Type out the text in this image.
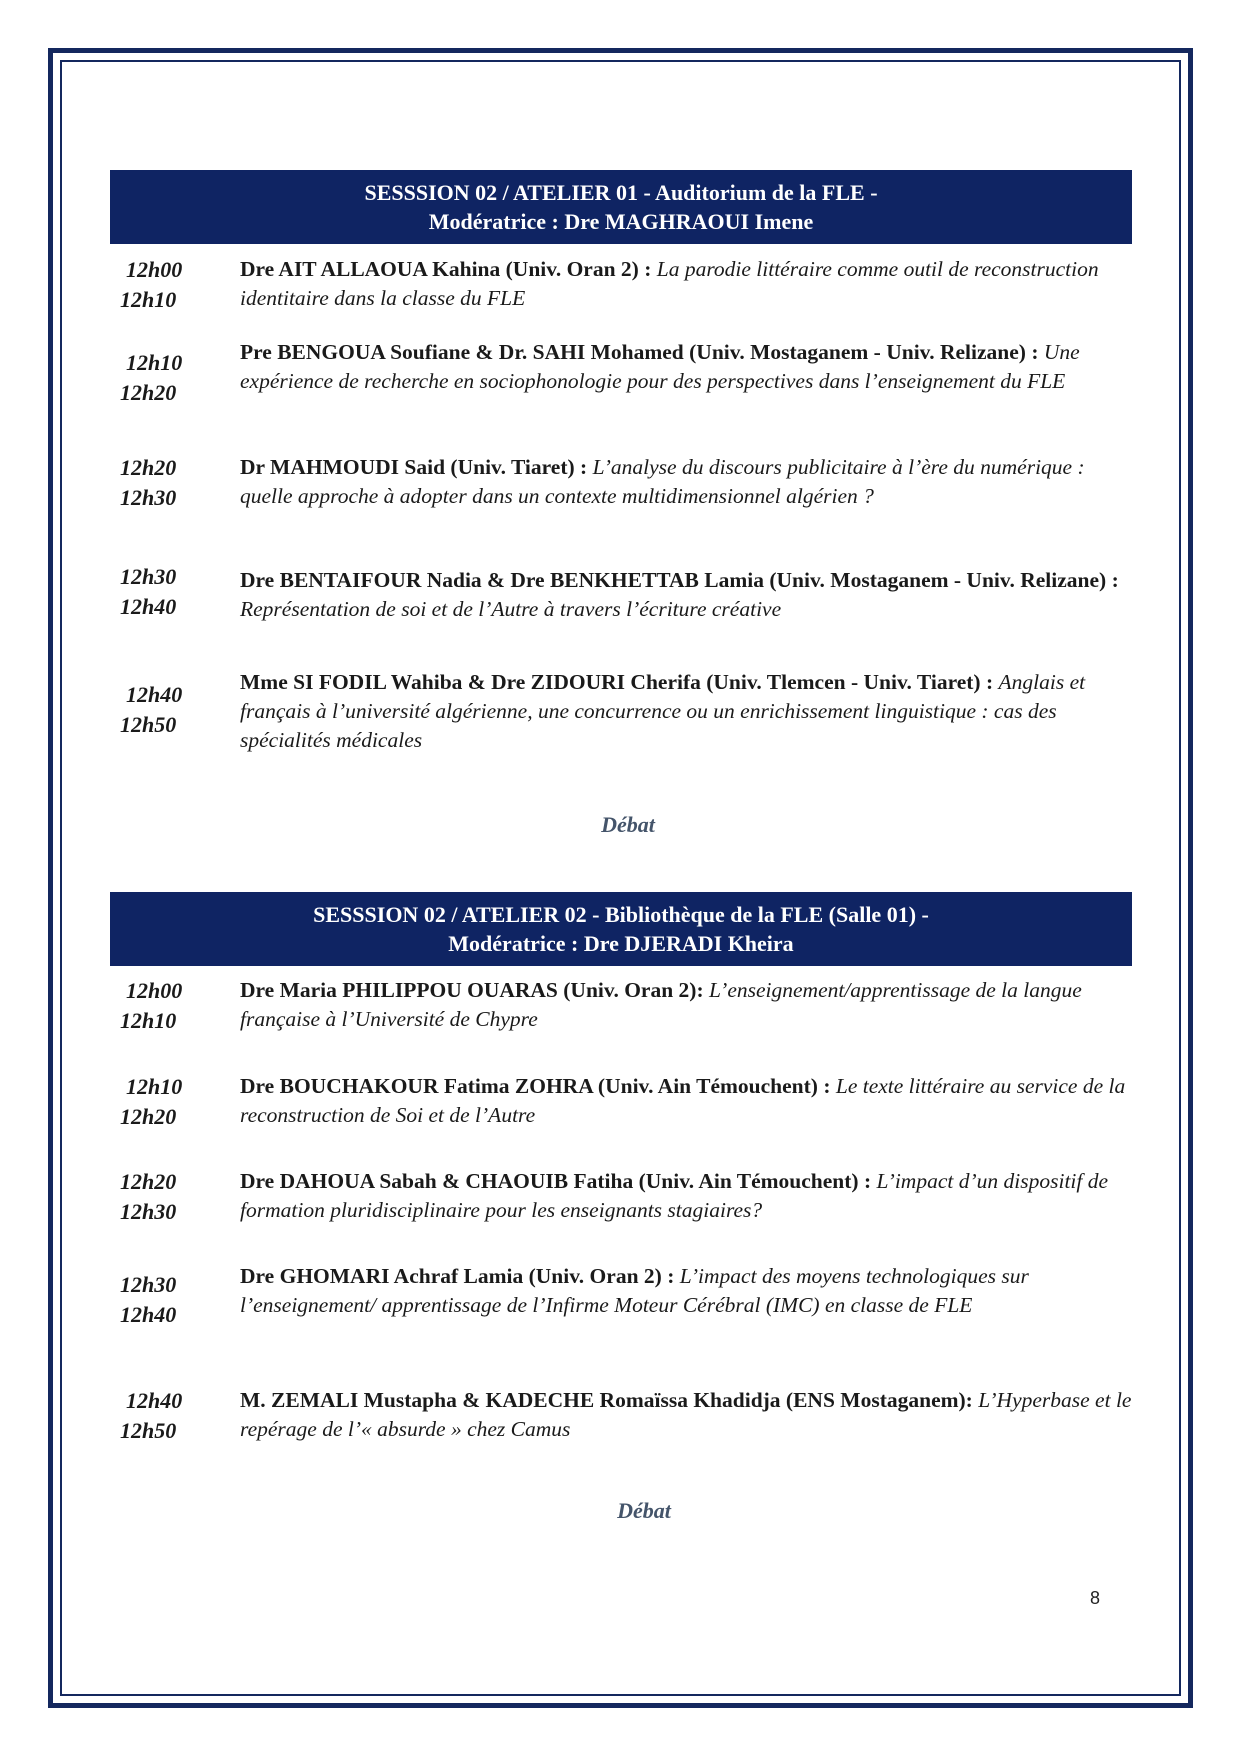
SESSSION 02 / ATELIER 01 - Auditorium de la FLE -
Modératrice : Dre MAGHRAOUI Imene
12h00
12h10
Dre AIT ALLAOUA Kahina (Univ. Oran 2) : La parodie littéraire comme outil de reconstruction identitaire dans la classe du FLE
12h10
12h20
Pre BENGOUA Soufiane & Dr. SAHI Mohamed (Univ. Mostaganem - Univ. Relizane) : Une expérience de recherche en sociophonologie pour des perspectives dans l’enseignement du FLE
12h20
12h30
Dr MAHMOUDI Said (Univ. Tiaret) : L’analyse du discours publicitaire à l’ère du numérique : quelle approche à adopter dans un contexte multidimensionnel algérien ?
12h30
12h40
Dre BENTAIFOUR Nadia & Dre BENKHETTAB Lamia (Univ. Mostaganem - Univ. Relizane) : Représentation de soi et de l’Autre à travers l’écriture créative
12h40
12h50
Mme SI FODIL Wahiba & Dre ZIDOURI Cherifa (Univ. Tlemcen - Univ. Tiaret) : Anglais et français à l’université algérienne, une concurrence ou un enrichissement linguistique : cas des spécialités médicales
Débat
SESSSION 02 / ATELIER 02 - Bibliothèque de la FLE (Salle 01) -
Modératrice : Dre DJERADI Kheira
12h00
12h10
Dre Maria PHILIPPOU OUARAS (Univ. Oran 2): L’enseignement/apprentissage de la langue française à l’Université de Chypre
12h10
12h20
Dre BOUCHAKOUR Fatima ZOHRA (Univ. Ain Témouchent) : Le texte littéraire au service de la reconstruction de Soi et de l’Autre
12h20
12h30
Dre DAHOUA Sabah & CHAOUIB Fatiha (Univ. Ain Témouchent) : L’impact d’un dispositif de formation pluridisciplinaire pour les enseignants stagiaires?
12h30
12h40
Dre GHOMARI Achraf Lamia (Univ. Oran 2) : L’impact des moyens technologiques sur l’enseignement/ apprentissage de l’Infirme Moteur Cérébral (IMC) en classe de FLE
12h40
12h50
M. ZEMALI Mustapha & KADECHE Romaïssa Khadidja (ENS Mostaganem): L’Hyperbase et le repérage de l’« absurde » chez Camus
Débat
8
